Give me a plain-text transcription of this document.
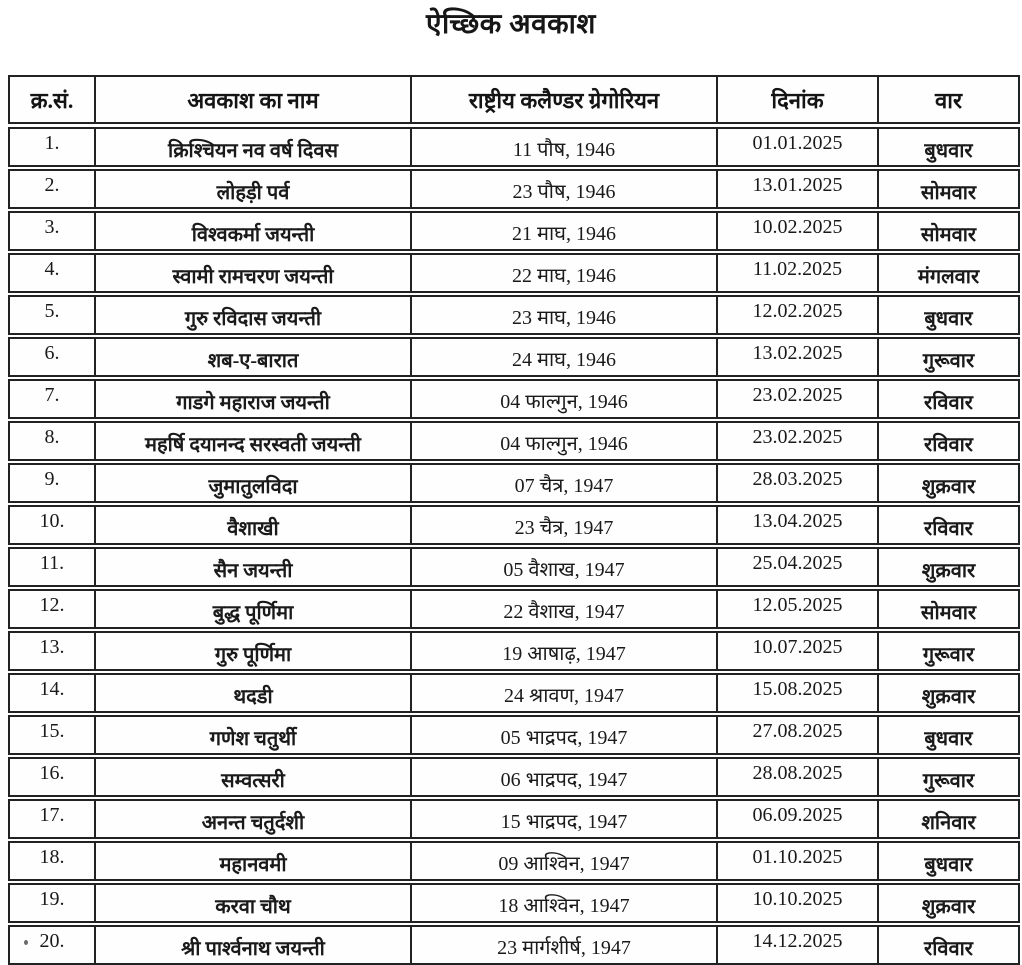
ऐच्छिक अवकाश
क्र.सं.	अवकाश का नाम	राष्ट्रीय कलैण्डर ग्रेगोरियन	दिनांक	वार
1.	क्रिश्चियन नव वर्ष दिवस	11 पौष, 1946	01.01.2025	बुधवार
2.	लोहड़ी पर्व	23 पौष, 1946	13.01.2025	सोमवार
3.	विश्वकर्मा जयन्ती	21 माघ, 1946	10.02.2025	सोमवार
4.	स्वामी रामचरण जयन्ती	22 माघ, 1946	11.02.2025	मंगलवार
5.	गुरु रविदास जयन्ती	23 माघ, 1946	12.02.2025	बुधवार
6.	शब-ए-बारात	24 माघ, 1946	13.02.2025	गुरूवार
7.	गाडगे महाराज जयन्ती	04 फाल्गुन, 1946	23.02.2025	रविवार
8.	महर्षि दयानन्द सरस्वती जयन्ती	04 फाल्गुन, 1946	23.02.2025	रविवार
9.	जुमातुलविदा	07 चैत्र, 1947	28.03.2025	शुक्रवार
10.	वैशाखी	23 चैत्र, 1947	13.04.2025	रविवार
11.	सैन जयन्ती	05 वैशाख, 1947	25.04.2025	शुक्रवार
12.	बुद्ध पूर्णिमा	22 वैशाख, 1947	12.05.2025	सोमवार
13.	गुरु पूर्णिमा	19 आषाढ़, 1947	10.07.2025	गुरूवार
14.	थदडी	24 श्रावण, 1947	15.08.2025	शुक्रवार
15.	गणेश चतुर्थी	05 भाद्रपद, 1947	27.08.2025	बुधवार
16.	सम्वत्सरी	06 भाद्रपद, 1947	28.08.2025	गुरूवार
17.	अनन्त चतुर्दशी	15 भाद्रपद, 1947	06.09.2025	शनिवार
18.	महानवमी	09 आश्विन, 1947	01.10.2025	बुधवार
19.	करवा चौथ	18 आश्विन, 1947	10.10.2025	शुक्रवार
20.	श्री पार्श्वनाथ जयन्ती	23 मार्गशीर्ष, 1947	14.12.2025	रविवार
